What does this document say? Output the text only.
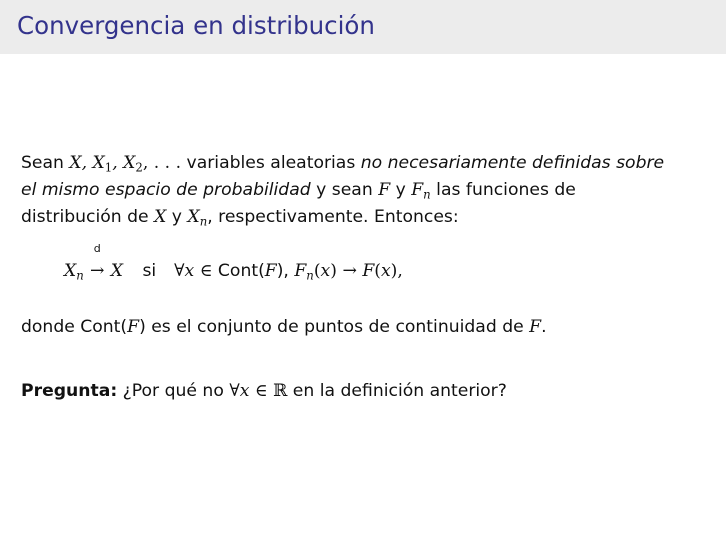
Convergencia en distribución
Sean X, $X_1$, $X_2$, . . . variables aleatorias no necesariamente definidas sobre
el mismo espacio de probabilidad y sean F y $F_n$ las funciones de
distribución de X y $X_n$, respectivamente. Entonces:
$X_n$
d
→ X si ∀x ∈ Cont(F), $F_n(x) \to F(x)$,
donde Cont(F) es el conjunto de puntos de continuidad de F.
Pregunta: ¿Por qué no ∀x ∈ ℝ en la definición anterior?
